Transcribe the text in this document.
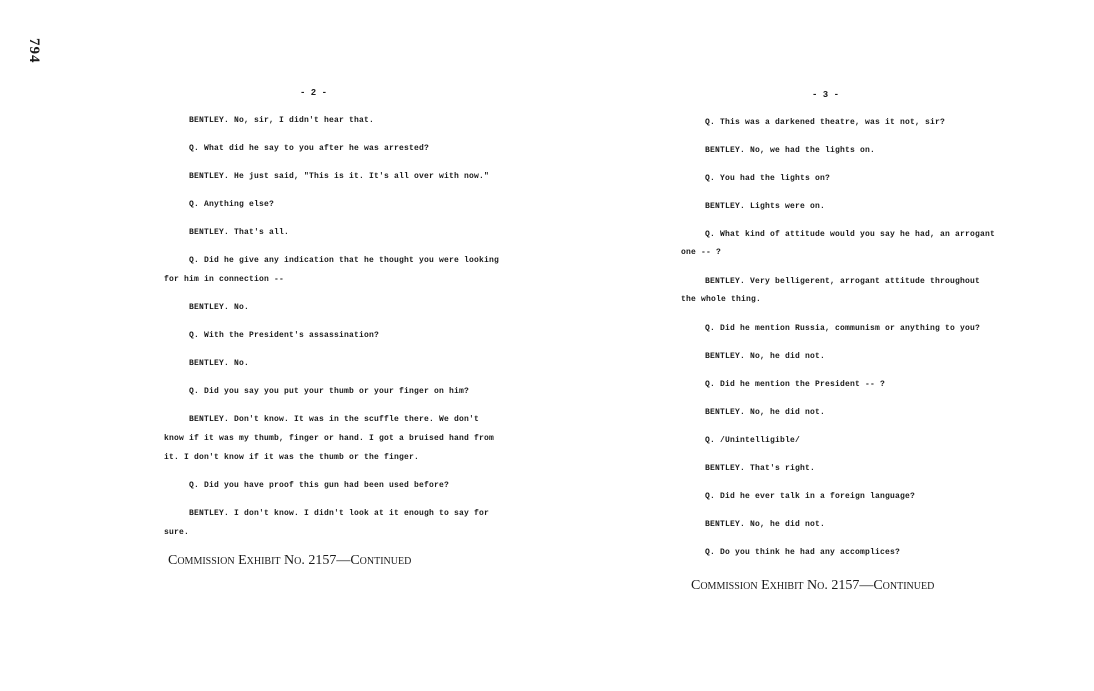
794
- 2 -
BENTLEY. No, sir, I didn't hear that.
Q. What did he say to you after he was arrested?
BENTLEY. He just said, "This is it. It's all over with now."
Q. Anything else?
BENTLEY. That's all.
Q. Did he give any indication that he thought you were looking
for him in connection --
BENTLEY. No.
Q. With the President's assassination?
BENTLEY. No.
Q. Did you say you put your thumb or your finger on him?
BENTLEY. Don't know. It was in the scuffle there. We don't
know if it was my thumb, finger or hand. I got a bruised hand from
it. I don't know if it was the thumb or the finger.
Q. Did you have proof this gun had been used before?
BENTLEY. I don't know. I didn't look at it enough to say for
sure.
Commission Exhibit No. 2157—Continued
- 3 -
Q. This was a darkened theatre, was it not, sir?
BENTLEY. No, we had the lights on.
Q. You had the lights on?
BENTLEY. Lights were on.
Q. What kind of attitude would you say he had, an arrogant
one -- ?
BENTLEY. Very belligerent, arrogant attitude throughout
the whole thing.
Q. Did he mention Russia, communism or anything to you?
BENTLEY. No, he did not.
Q. Did he mention the President -- ?
BENTLEY. No, he did not.
Q. /Unintelligible/
BENTLEY. That's right.
Q. Did he ever talk in a foreign language?
BENTLEY. No, he did not.
Q. Do you think he had any accomplices?
Commission Exhibit No. 2157—Continued
